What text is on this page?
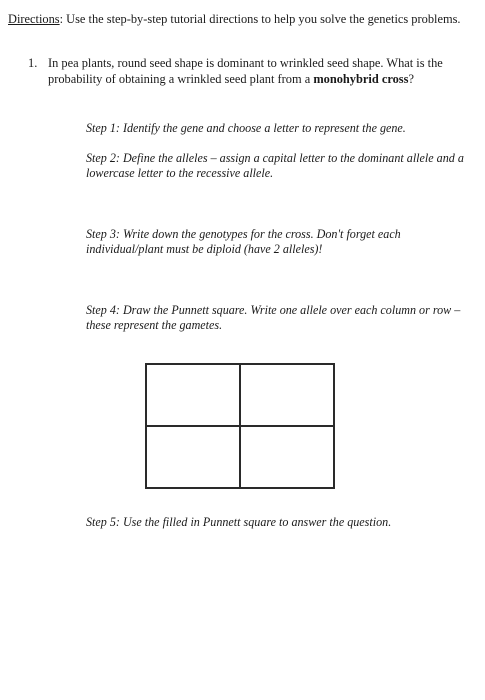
Directions: Use the step-by-step tutorial directions to help you solve the genetics problems.
1. In pea plants, round seed shape is dominant to wrinkled seed shape. What is the probability of obtaining a wrinkled seed plant from a monohybrid cross?
Step 1: Identify the gene and choose a letter to represent the gene.
Step 2: Define the alleles – assign a capital letter to the dominant allele and a lowercase letter to the recessive allele.
Step 3: Write down the genotypes for the cross. Don't forget each individual/plant must be diploid (have 2 alleles)!
Step 4: Draw the Punnett square. Write one allele over each column or row – these represent the gametes.
Step 5: Use the filled in Punnett square to answer the question.
